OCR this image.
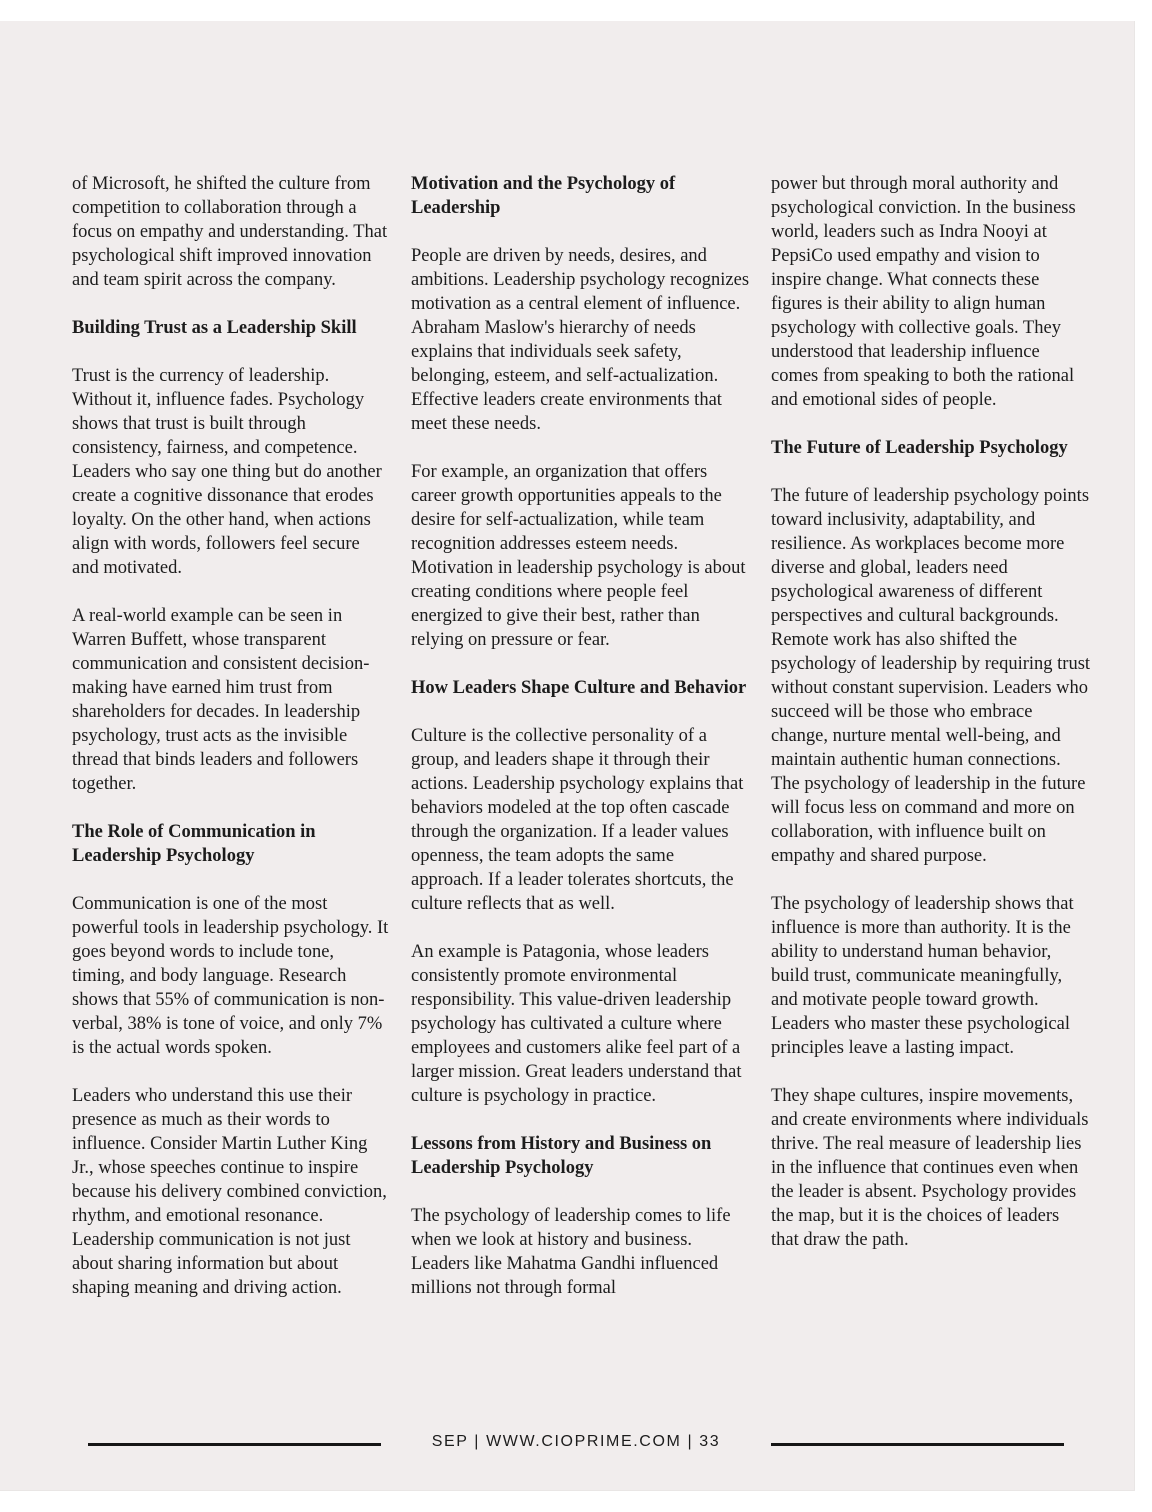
of Microsoft, he shifted the culture from competition to collaboration through a focus on empathy and understanding. That psychological shift improved innovation and team spirit across the company.

Building Trust as a Leadership Skill

Trust is the currency of leadership. Without it, influence fades. Psychology shows that trust is built through consistency, fairness, and competence. Leaders who say one thing but do another create a cognitive dissonance that erodes loyalty. On the other hand, when actions align with words, followers feel secure and motivated.

A real-world example can be seen in Warren Buffett, whose transparent communication and consistent decision-making have earned him trust from shareholders for decades. In leadership psychology, trust acts as the invisible thread that binds leaders and followers together.

The Role of Communication in Leadership Psychology

Communication is one of the most powerful tools in leadership psychology. It goes beyond words to include tone, timing, and body language. Research shows that 55% of communication is non-verbal, 38% is tone of voice, and only 7% is the actual words spoken.

Leaders who understand this use their presence as much as their words to influence. Consider Martin Luther King Jr., whose speeches continue to inspire because his delivery combined conviction, rhythm, and emotional resonance. Leadership communication is not just about sharing information but about shaping meaning and driving action.

Motivation and the Psychology of Leadership

People are driven by needs, desires, and ambitions. Leadership psychology recognizes motivation as a central element of influence. Abraham Maslow's hierarchy of needs explains that individuals seek safety, belonging, esteem, and self-actualization. Effective leaders create environments that meet these needs.

For example, an organization that offers career growth opportunities appeals to the desire for self-actualization, while team recognition addresses esteem needs. Motivation in leadership psychology is about creating conditions where people feel energized to give their best, rather than relying on pressure or fear.

How Leaders Shape Culture and Behavior

Culture is the collective personality of a group, and leaders shape it through their actions. Leadership psychology explains that behaviors modeled at the top often cascade through the organization. If a leader values openness, the team adopts the same approach. If a leader tolerates shortcuts, the culture reflects that as well.

An example is Patagonia, whose leaders consistently promote environmental responsibility. This value-driven leadership psychology has cultivated a culture where employees and customers alike feel part of a larger mission. Great leaders understand that culture is psychology in practice.

Lessons from History and Business on Leadership Psychology

The psychology of leadership comes to life when we look at history and business. Leaders like Mahatma Gandhi influenced millions not through formal

power but through moral authority and psychological conviction. In the business world, leaders such as Indra Nooyi at PepsiCo used empathy and vision to inspire change. What connects these figures is their ability to align human psychology with collective goals. They understood that leadership influence comes from speaking to both the rational and emotional sides of people.

The Future of Leadership Psychology

The future of leadership psychology points toward inclusivity, adaptability, and resilience. As workplaces become more diverse and global, leaders need psychological awareness of different perspectives and cultural backgrounds. Remote work has also shifted the psychology of leadership by requiring trust without constant supervision. Leaders who succeed will be those who embrace change, nurture mental well-being, and maintain authentic human connections. The psychology of leadership in the future will focus less on command and more on collaboration, with influence built on empathy and shared purpose.

The psychology of leadership shows that influence is more than authority. It is the ability to understand human behavior, build trust, communicate meaningfully, and motivate people toward growth. Leaders who master these psychological principles leave a lasting impact.

They shape cultures, inspire movements, and create environments where individuals thrive. The real measure of leadership lies in the influence that continues even when the leader is absent. Psychology provides the map, but it is the choices of leaders that draw the path.

SEP | WWW.CIOPRIME.COM | 33
